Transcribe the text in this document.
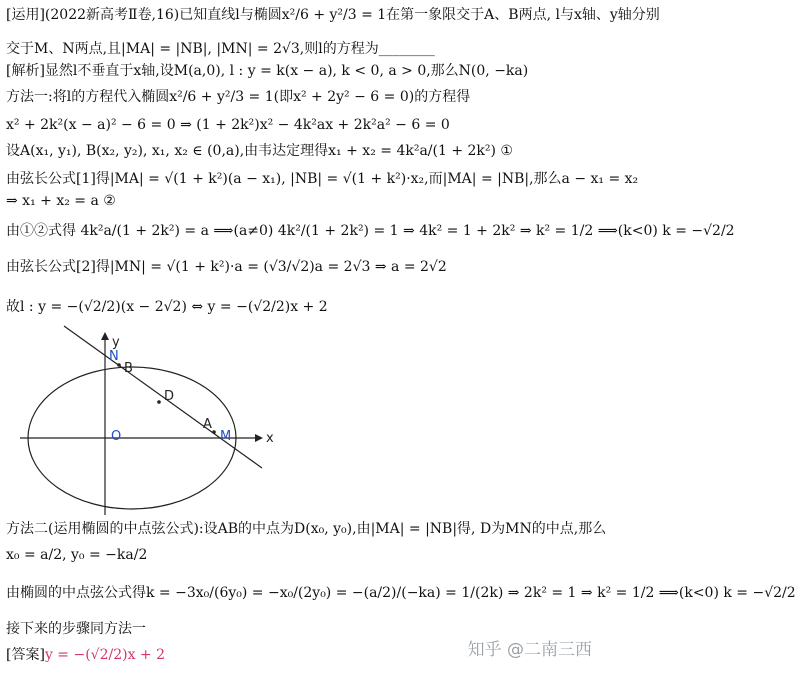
[运用](2022新高考Ⅱ卷,16)已知直线l与椭圆x²/6 + y²/3 = 1在第一象限交于A、B两点, l与x轴、y轴分别
交于M、N两点,且|MA| = |NB|, |MN| = 2√3,则l的方程为________
[解析]显然l不垂直于x轴,设M(a,0), l : y = k(x − a), k < 0, a > 0,那么N(0, −ka)
方法一:将l的方程代入椭圆x²/6 + y²/3 = 1(即x² + 2y² − 6 = 0)的方程得
x² + 2k²(x − a)² − 6 = 0 ⇒ (1 + 2k²)x² − 4k²ax + 2k²a² − 6 = 0
设A(x₁, y₁), B(x₂, y₂), x₁, x₂ ∈ (0,a),由韦达定理得x₁ + x₂ = 4k²a/(1 + 2k²) ①
由弦长公式[1]得|MA| = √(1 + k²)(a − x₁), |NB| = √(1 + k²)·x₂,而|MA| = |NB|,那么a − x₁ = x₂
⇒ x₁ + x₂ = a ②
由①②式得 4k²a/(1 + 2k²) = a ⟹(a≠0) 4k²/(1 + 2k²) = 1 ⇒ 4k² = 1 + 2k² ⇒ k² = 1/2 ⟹(k<0) k = −√2/2
由弦长公式[2]得|MN| = √(1 + k²)·a = (√3/√2)a = 2√3 ⇒ a = 2√2
故l : y = −(√2/2)(x − 2√2) ⇔ y = −(√2/2)x + 2
y
x
N
B
D
A
M
O
方法二(运用椭圆的中点弦公式):设AB的中点为D(x₀, y₀),由|MA| = |NB|得, D为MN的中点,那么
x₀ = a/2, y₀ = −ka/2
由椭圆的中点弦公式得k = −3x₀/(6y₀) = −x₀/(2y₀) = −(a/2)/(−ka) = 1/(2k) ⇒ 2k² = 1 ⇒ k² = 1/2 ⟹(k<0) k = −√2/2
接下来的步骤同方法一
[答案]y = −(√2/2)x + 2	知乎 @二南三西
